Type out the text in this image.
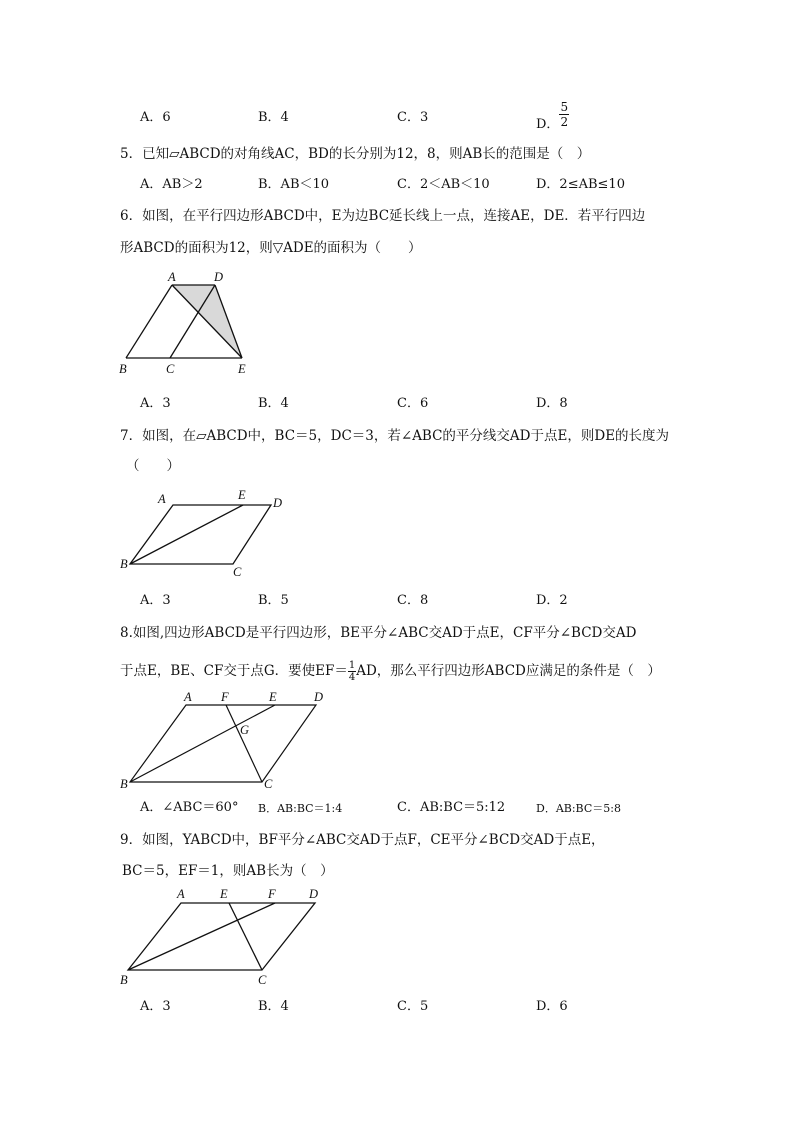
A．6	B．4	C．3	D． $\frac{5}{2}$
5．已知▱ABCD的对角线AC，BD的长分别为12，8，则AB长的范围是（　）
A．AB＞2	B．AB＜10	C．2＜AB＜10	D．2≤AB≤10
6．如图，在平行四边形ABCD中，E为边BC延长线上一点，连接AE，DE．若平行四边
形ABCD的面积为12，则▽ADE的面积为（　　）
A	D
B	C	E
A．3	B．4	C．6	D．8
7．如图，在▱ABCD中，BC＝5，DC＝3，若∠ABC的平分线交AD于点E，则DE的长度为
（　　）
A	E
D
B
C
A．3	B．5	C．8	D．2
8.如图,四边形ABCD是平行四边形，BE平分∠ABC交AD于点E，CF平分∠BCD交AD
于点E，BE、CF交于点G．要使$EF= \frac{1}{4}$ AD，那么平行四边形ABCD应满足的条件是（　）
A F	E	D
G
B	C
A．∠ABC＝60° B．AB:BC＝1:4	C．AB:BC＝5:12	D．AB:BC＝5:8
9．如图，YABCD中，BF平分∠ABC交AD于点F，CE平分∠BCD交AD于点E，
BC＝5，EF＝1，则AB长为（　）
A	E	F	D
B	C
A．3	B．4	C．5	D．6
